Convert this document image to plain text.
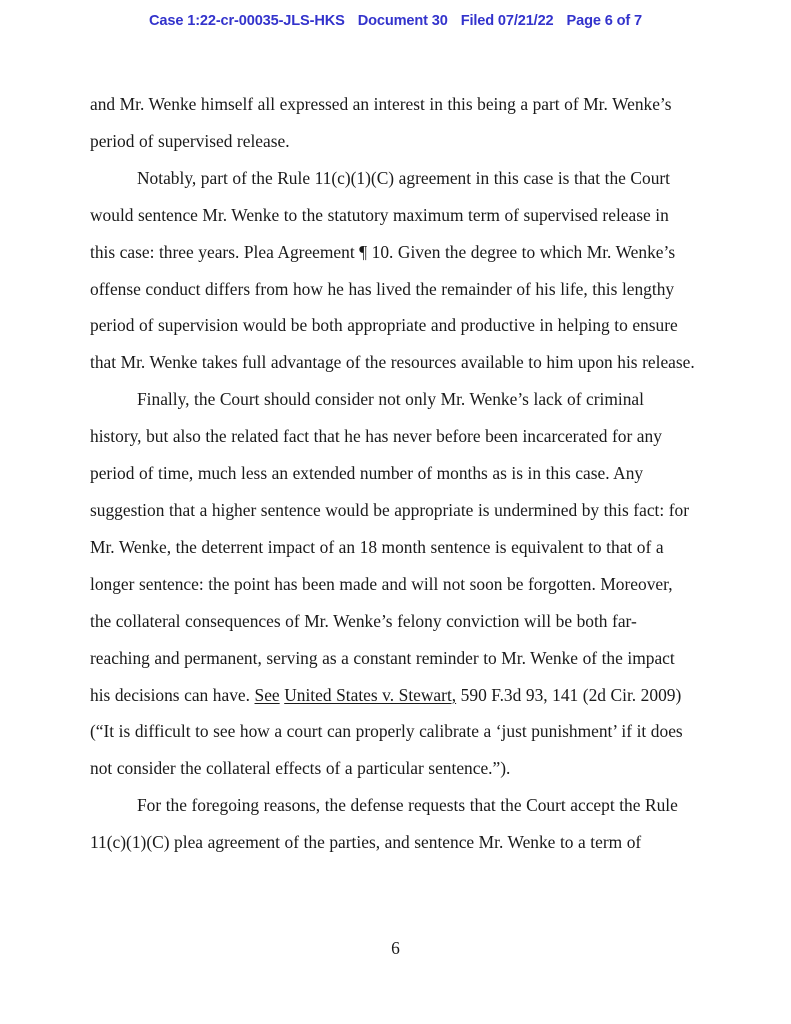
Case 1:22-cr-00035-JLS-HKS Document 30 Filed 07/21/22 Page 6 of 7

and Mr. Wenke himself all expressed an interest in this being a part of Mr. Wenke’s period of supervised release.

Notably, part of the Rule 11(c)(1)(C) agreement in this case is that the Court would sentence Mr. Wenke to the statutory maximum term of supervised release in this case: three years. Plea Agreement ¶ 10. Given the degree to which Mr. Wenke’s offense conduct differs from how he has lived the remainder of his life, this lengthy period of supervision would be both appropriate and productive in helping to ensure that Mr. Wenke takes full advantage of the resources available to him upon his release.

Finally, the Court should consider not only Mr. Wenke’s lack of criminal history, but also the related fact that he has never before been incarcerated for any period of time, much less an extended number of months as is in this case. Any suggestion that a higher sentence would be appropriate is undermined by this fact: for Mr. Wenke, the deterrent impact of an 18 month sentence is equivalent to that of a longer sentence: the point has been made and will not soon be forgotten. Moreover, the collateral consequences of Mr. Wenke’s felony conviction will be both far-reaching and permanent, serving as a constant reminder to Mr. Wenke of the impact his decisions can have. See United States v. Stewart, 590 F.3d 93, 141 (2d Cir. 2009) (“It is difficult to see how a court can properly calibrate a ‘just punishment’ if it does not consider the collateral effects of a particular sentence.”).

For the foregoing reasons, the defense requests that the Court accept the Rule 11(c)(1)(C) plea agreement of the parties, and sentence Mr. Wenke to a term of

6
